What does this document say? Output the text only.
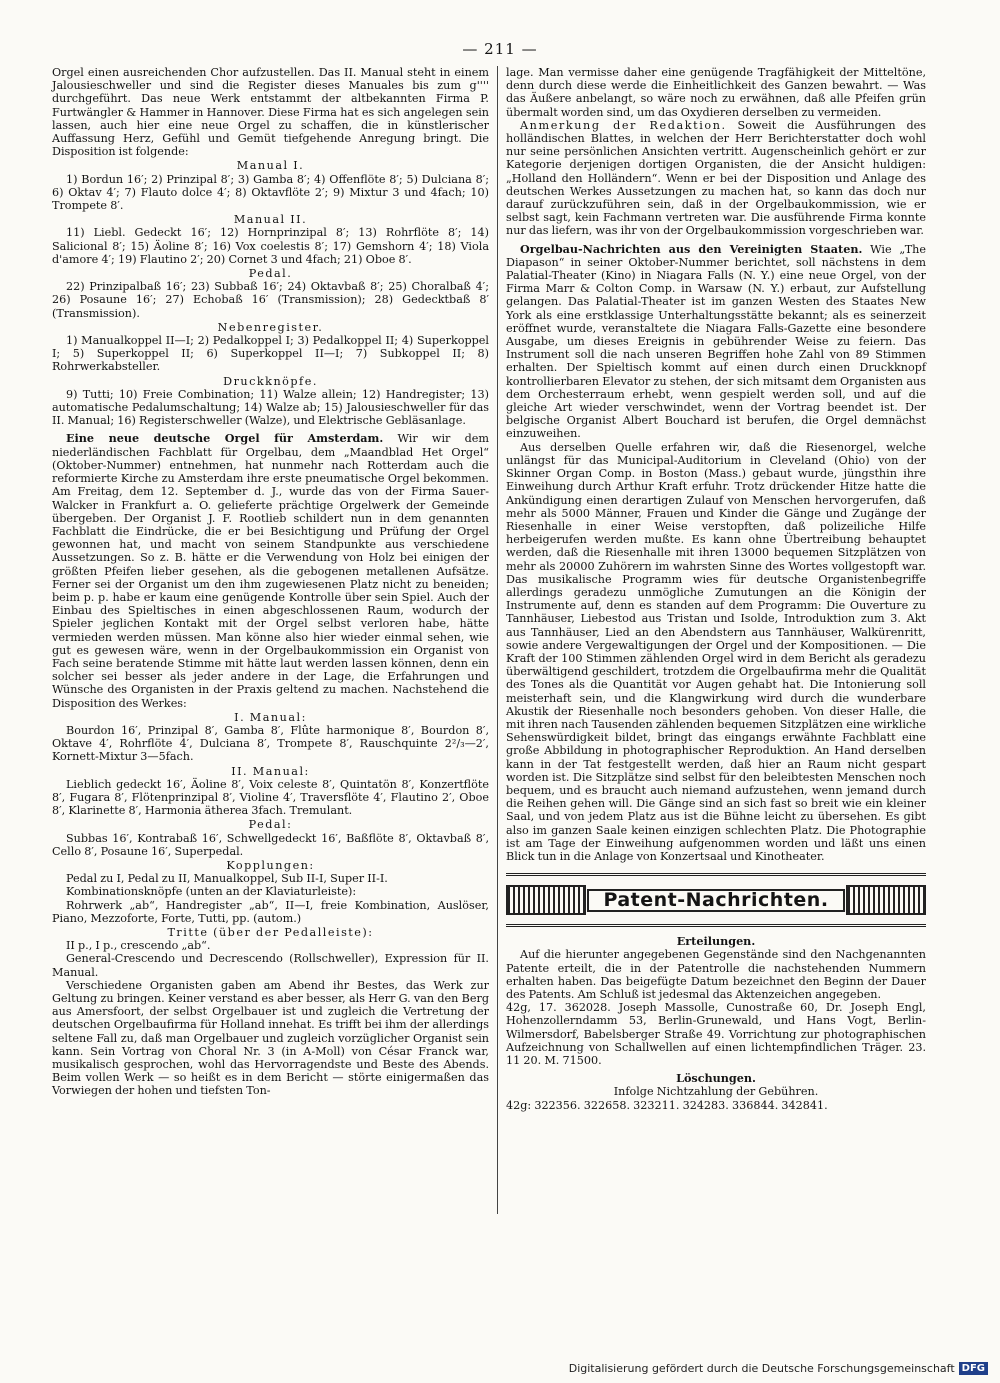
— 211 —

Orgel einen ausreichenden Chor aufzustellen. Das II. Manual steht in einem Jalousieschweller und sind die Register dieses Manuales bis zum g'''' durchgeführt. Das neue Werk entstammt der altbekannten Firma P. Furtwängler & Hammer in Hannover. Diese Firma hat es sich angelegen sein lassen, auch hier eine neue Orgel zu schaffen, die in künstlerischer Auffassung Herz, Gefühl und Gemüt tiefgehende Anregung bringt. Die Disposition ist folgende:

Manual I.

1) Bordun 16′; 2) Prinzipal 8′; 3) Gamba 8′; 4) Offenflöte 8′; 5) Dulciana 8′; 6) Oktav 4′; 7) Flauto dolce 4′; 8) Oktavflöte 2′; 9) Mixtur 3 und 4fach; 10) Trompete 8′.

Manual II.

11) Liebl. Gedeckt 16′; 12) Hornprinzipal 8′; 13) Rohrflöte 8′; 14) Salicional 8′; 15) Äoline 8′; 16) Vox coelestis 8′; 17) Gemshorn 4′; 18) Viola d'amore 4′; 19) Flautino 2′; 20) Cornet 3 und 4fach; 21) Oboe 8′.

Pedal.

22) Prinzipalbaß 16′; 23) Subbaß 16′; 24) Oktavbaß 8′; 25) Choralbaß 4′; 26) Posaune 16′; 27) Echobaß 16′ (Transmission); 28) Gedecktbaß 8′ (Transmission).

Nebenregister.

1) Manualkoppel II—I; 2) Pedalkoppel I; 3) Pedalkoppel II; 4) Superkoppel I; 5) Superkoppel II; 6) Superkoppel II—I; 7) Subkoppel II; 8) Rohrwerkabsteller.

Druckknöpfe.

9) Tutti; 10) Freie Combination; 11) Walze allein; 12) Handregister; 13) automatische Pedalumschaltung; 14) Walze ab; 15) Jalousieschweller für das II. Manual; 16) Registerschweller (Walze), und Elektrische Gebläsanlage.

Eine neue deutsche Orgel für Amsterdam. Wir wir dem niederländischen Fachblatt für Orgelbau, dem „Maandblad Het Orgel“ (Oktober-Nummer) entnehmen, hat nunmehr nach Rotterdam auch die reformierte Kirche zu Amsterdam ihre erste pneumatische Orgel bekommen. Am Freitag, dem 12. September d. J., wurde das von der Firma Sauer-Walcker in Frankfurt a. O. gelieferte prächtige Orgelwerk der Gemeinde übergeben. Der Organist J. F. Rootlieb schildert nun in dem genannten Fachblatt die Eindrücke, die er bei Besichtigung und Prüfung der Orgel gewonnen hat, und macht von seinem Standpunkte aus verschiedene Aussetzungen. So z. B. hätte er die Verwendung von Holz bei einigen der größten Pfeifen lieber gesehen, als die gebogenen metallenen Aufsätze. Ferner sei der Organist um den ihm zugewiesenen Platz nicht zu beneiden; beim p. p. habe er kaum eine genügende Kontrolle über sein Spiel. Auch der Einbau des Spieltisches in einen abgeschlossenen Raum, wodurch der Spieler jeglichen Kontakt mit der Orgel selbst verloren habe, hätte vermieden werden müssen. Man könne also hier wieder einmal sehen, wie gut es gewesen wäre, wenn in der Orgelbaukommission ein Organist von Fach seine beratende Stimme mit hätte laut werden lassen können, denn ein solcher sei besser als jeder andere in der Lage, die Erfahrungen und Wünsche des Organisten in der Praxis geltend zu machen. Nachstehend die Disposition des Werkes:

I. Manual:

Bourdon 16′, Prinzipal 8′, Gamba 8′, Flûte harmonique 8′, Bourdon 8′, Oktave 4′, Rohrflöte 4′, Dulciana 8′, Trompete 8′, Rauschquinte 2²/₃—2′, Kornett-Mixtur 3—5fach.

II. Manual:

Lieblich gedeckt 16′, Äoline 8′, Voix celeste 8′, Quintatön 8′, Konzertflöte 8′, Fugara 8′, Flötenprinzipal 8′, Violine 4′, Traversflöte 4′, Flautino 2′, Oboe 8′, Klarinette 8′, Harmonia ätherea 3fach. Tremulant.

Pedal:

Subbas 16′, Kontrabaß 16′, Schwellgedeckt 16′, Baßflöte 8′, Oktavbaß 8′, Cello 8′, Posaune 16′, Superpedal.

Kopplungen:

Pedal zu I, Pedal zu II, Manualkoppel, Sub II-I, Super II-I.

Kombinationsknöpfe (unten an der Klaviaturleiste):

Rohrwerk „ab“, Handregister „ab“, II—I, freie Kombination, Auslöser, Piano, Mezzoforte, Forte, Tutti, pp. (autom.)

Tritte (über der Pedalleiste):

II p., I p., crescendo „ab“.

General-Crescendo und Decrescendo (Rollschweller), Expression für II. Manual.

Verschiedene Organisten gaben am Abend ihr Bestes, das Werk zur Geltung zu bringen. Keiner verstand es aber besser, als Herr G. van den Berg aus Amersfoort, der selbst Orgelbauer ist und zugleich die Vertretung der deutschen Orgelbaufirma für Holland innehat. Es trifft bei ihm der allerdings seltene Fall zu, daß man Orgelbauer und zugleich vorzüglicher Organist sein kann. Sein Vortrag von Choral Nr. 3 (in A-Moll) von César Franck war, musikalisch gesprochen, wohl das Hervorragendste und Beste des Abends. Beim vollen Werk — so heißt es in dem Bericht — störte einigermaßen das Vorwiegen der hohen und tiefsten Ton-

lage. Man vermisse daher eine genügende Tragfähigkeit der Mitteltöne, denn durch diese werde die Einheitlichkeit des Ganzen bewahrt. — Was das Äußere anbelangt, so wäre noch zu erwähnen, daß alle Pfeifen grün übermalt worden sind, um das Oxydieren derselben zu vermeiden.

Anmerkung der Redaktion. Soweit die Ausführungen des holländischen Blattes, in welchen der Herr Berichterstatter doch wohl nur seine persönlichen Ansichten vertritt. Augenscheinlich gehört er zur Kategorie derjenigen dortigen Organisten, die der Ansicht huldigen: „Holland den Holländern“. Wenn er bei der Disposition und Anlage des deutschen Werkes Aussetzungen zu machen hat, so kann das doch nur darauf zurückzuführen sein, daß in der Orgelbaukommission, wie er selbst sagt, kein Fachmann vertreten war. Die ausführende Firma konnte nur das liefern, was ihr von der Orgelbaukommission vorgeschrieben war.

Orgelbau-Nachrichten aus den Vereinigten Staaten. Wie „The Diapason“ in seiner Oktober-Nummer berichtet, soll nächstens in dem Palatial-Theater (Kino) in Niagara Falls (N. Y.) eine neue Orgel, von der Firma Marr & Colton Comp. in Warsaw (N. Y.) erbaut, zur Aufstellung gelangen. Das Palatial-Theater ist im ganzen Westen des Staates New York als eine erstklassige Unterhaltungsstätte bekannt; als es seinerzeit eröffnet wurde, veranstaltete die Niagara Falls-Gazette eine besondere Ausgabe, um dieses Ereignis in gebührender Weise zu feiern. Das Instrument soll die nach unseren Begriffen hohe Zahl von 89 Stimmen erhalten. Der Spieltisch kommt auf einen durch einen Druckknopf kontrollierbaren Elevator zu stehen, der sich mitsamt dem Organisten aus dem Orchesterraum erhebt, wenn gespielt werden soll, und auf die gleiche Art wieder verschwindet, wenn der Vortrag beendet ist. Der belgische Organist Albert Bouchard ist berufen, die Orgel demnächst einzuweihen.

Aus derselben Quelle erfahren wir, daß die Riesenorgel, welche unlängst für das Municipal-Auditorium in Cleveland (Ohio) von der Skinner Organ Comp. in Boston (Mass.) gebaut wurde, jüngsthin ihre Einweihung durch Arthur Kraft erfuhr. Trotz drückender Hitze hatte die Ankündigung einen derartigen Zulauf von Menschen hervorgerufen, daß mehr als 5000 Männer, Frauen und Kinder die Gänge und Zugänge der Riesenhalle in einer Weise verstopften, daß polizeiliche Hilfe herbeigerufen werden mußte. Es kann ohne Übertreibung behauptet werden, daß die Riesenhalle mit ihren 13000 bequemen Sitzplätzen von mehr als 20000 Zuhörern im wahrsten Sinne des Wortes vollgestopft war. Das musikalische Programm wies für deutsche Organistenbegriffe allerdings geradezu unmögliche Zumutungen an die Königin der Instrumente auf, denn es standen auf dem Programm: Die Ouverture zu Tannhäuser, Liebestod aus Tristan und Isolde, Introduktion zum 3. Akt aus Tannhäuser, Lied an den Abendstern aus Tannhäuser, Walkürenritt, sowie andere Vergewaltigungen der Orgel und der Kompositionen. — Die Kraft der 100 Stimmen zählenden Orgel wird in dem Bericht als geradezu überwältigend geschildert, trotzdem die Orgelbaufirma mehr die Qualität des Tones als die Quantität vor Augen gehabt hat. Die Intonierung soll meisterhaft sein, und die Klangwirkung wird durch die wunderbare Akustik der Riesenhalle noch besonders gehoben. Von dieser Halle, die mit ihren nach Tausenden zählenden bequemen Sitzplätzen eine wirkliche Sehenswürdigkeit bildet, bringt das eingangs erwähnte Fachblatt eine große Abbildung in photographischer Reproduktion. An Hand derselben kann in der Tat festgestellt werden, daß hier an Raum nicht gespart worden ist. Die Sitzplätze sind selbst für den beleibtesten Menschen noch bequem, und es braucht auch niemand aufzustehen, wenn jemand durch die Reihen gehen will. Die Gänge sind an sich fast so breit wie ein kleiner Saal, und von jedem Platz aus ist die Bühne leicht zu übersehen. Es gibt also im ganzen Saale keinen einzigen schlechten Platz. Die Photographie ist am Tage der Einweihung aufgenommen worden und läßt uns einen Blick tun in die Anlage von Konzertsaal und Kinotheater.

Patent-Nachrichten.

Erteilungen.

Auf die hierunter angegebenen Gegenstände sind den Nachgenannten Patente erteilt, die in der Patentrolle die nachstehenden Nummern erhalten haben. Das beigefügte Datum bezeichnet den Beginn der Dauer des Patents. Am Schluß ist jedesmal das Aktenzeichen angegeben.

42g, 17. 362028. Joseph Massolle, Cunostraße 60, Dr. Joseph Engl, Hohenzollerndamm 53, Berlin-Grunewald, und Hans Vogt, Berlin-Wilmersdorf, Babelsberger Straße 49. Vorrichtung zur photographischen Aufzeichnung von Schallwellen auf einen lichtempfindlichen Träger. 23. 11 20. M. 71500.

Löschungen.

Infolge Nichtzahlung der Gebühren.

42g: 322356. 322658. 323211. 324283. 336844. 342841.

Digitalisierung gefördert durch die Deutsche Forschungsgemeinschaft DFG
